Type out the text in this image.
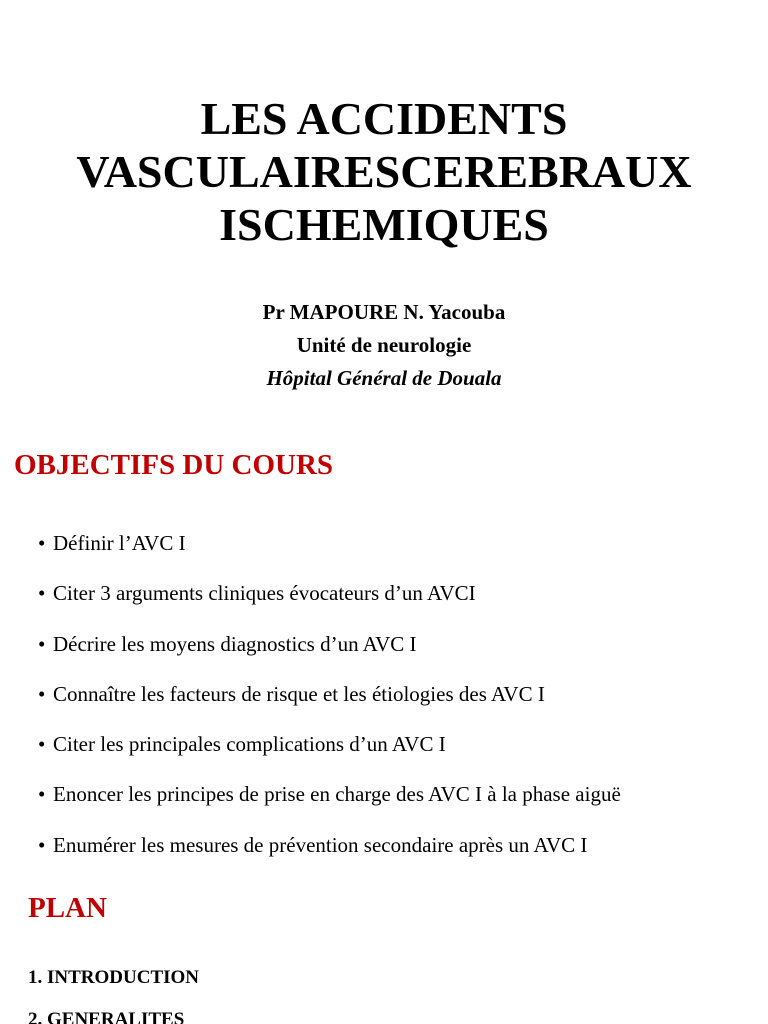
LES ACCIDENTS
VASCULAIRESCEREBRAUX
ISCHEMIQUES
Pr MAPOURE N. Yacouba
Unité de neurologie
Hôpital Général de Douala
OBJECTIFS DU COURS
• Définir l’AVC I
• Citer 3 arguments cliniques évocateurs d’un AVCI
• Décrire les moyens diagnostics d’un AVC I
• Connaître les facteurs de risque et les étiologies des AVC I
• Citer les principales complications d’un AVC I
• Enoncer les principes de prise en charge des AVC I à la phase aiguë
• Enumérer les mesures de prévention secondaire après un AVC I
PLAN
1. INTRODUCTION
2. GENERALITES
